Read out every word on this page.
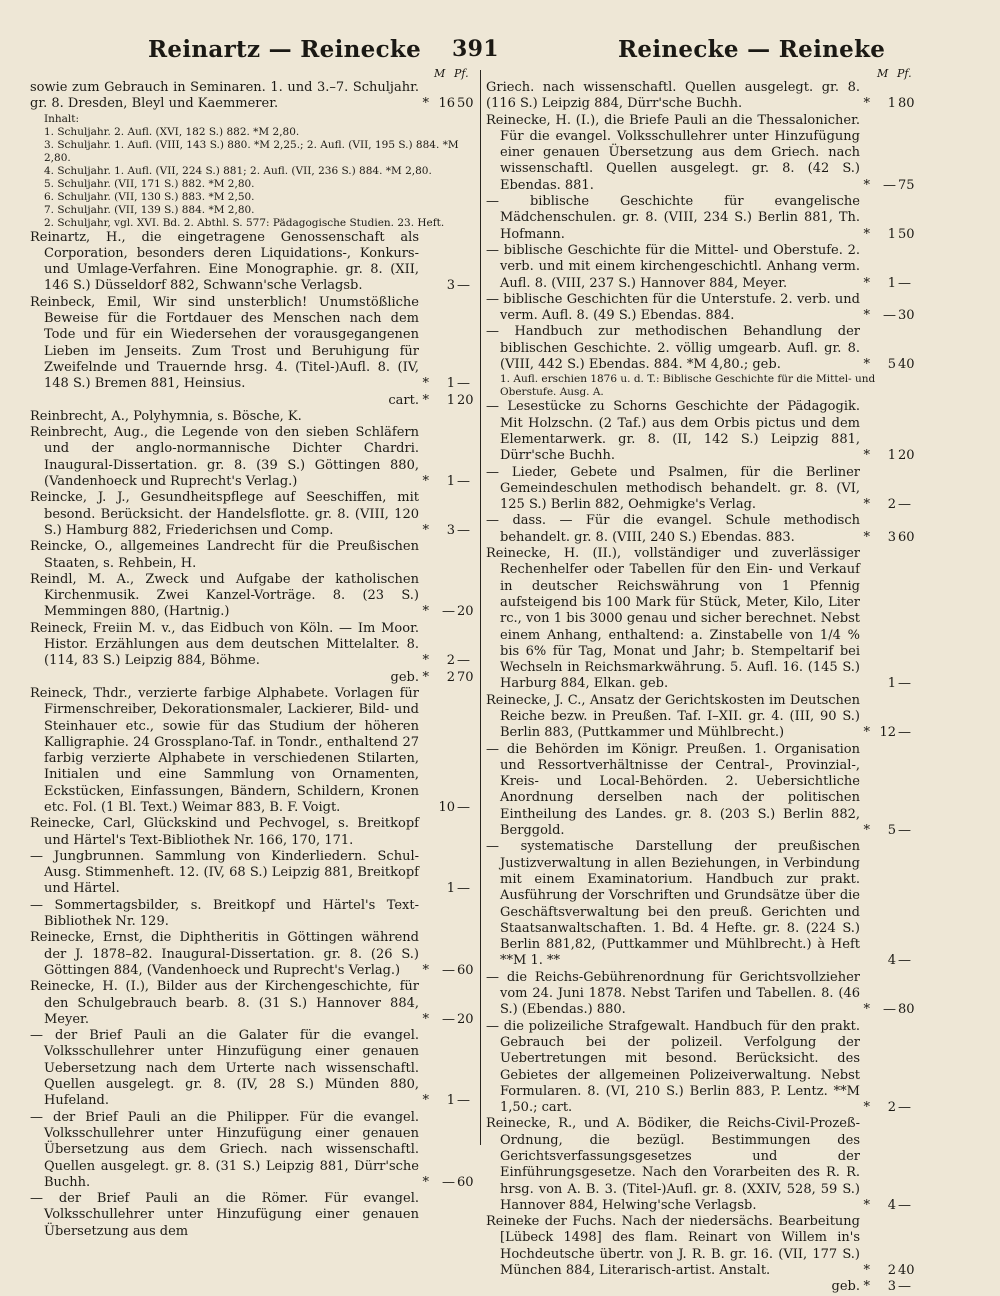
Reinartz — Reinecke 391	Reinecke — Reineke
M Pf.

sowie zum Gebrauch in Seminaren. 1. und 3.–7. Schuljahr. gr. 8. Dresden, Bleyl und Kaemmerer.	* 16 50

Inhalt:

1. Schuljahr. 2. Aufl. (XVI, 182 S.) 882. *M 2,80.

3. Schuljahr. 1. Aufl. (VIII, 143 S.) 880. *M 2,25.; 2. Aufl. (VII, 195 S.) 884. *M 2,80.

4. Schuljahr. 1. Aufl. (VII, 224 S.) 881; 2. Aufl. (VII, 236 S.) 884. *M 2,80.

5. Schuljahr. (VII, 171 S.) 882. *M 2,80.

6. Schuljahr. (VII, 130 S.) 883. *M 2,50.

7. Schuljahr. (VII, 139 S.) 884. *M 2,80.

2. Schuljahr, vgl. XVI. Bd. 2. Abthl. S. 577: Pädagogische Studien. 23. Heft.

Reinartz, H., die eingetragene Genossenschaft als Corporation, besonders deren Liquidations-, Konkurs- und Umlage-Verfahren. Eine Monographie. gr. 8. (XII, 146 S.) Düsseldorf 882, Schwann'sche Verlagsb.	3 —

Reinbeck, Emil, Wir sind unsterblich! Unumstößliche Beweise für die Fortdauer des Menschen nach dem Tode und für ein Wiedersehen der vorausgegangenen Lieben im Jenseits. Zum Trost und Beruhigung für Zweifelnde und Trauernde hrsg. 4. (Titel-)Aufl. 8. (IV, 148 S.) Bremen 881, Heinsius.	* 1 —

cart. * 1 20

Reinbrecht, A., Polyhymnia, s. Bösche, K.

Reinbrecht, Aug., die Legende von den sieben Schläfern und der anglo-normannische Dichter Chardri. Inaugural-Dissertation. gr. 8. (39 S.) Göttingen 880, (Vandenhoeck und Ruprecht's Verlag.)	* 1 —

Reincke, J. J., Gesundheitspflege auf Seeschiffen, mit besond. Berücksicht. der Handelsflotte. gr. 8. (VIII, 120 S.) Hamburg 882, Friederichsen und Comp.	* 3 —

Reincke, O., allgemeines Landrecht für die Preußischen Staaten, s. Rehbein, H.

Reindl, M. A., Zweck und Aufgabe der katholischen Kirchenmusik. Zwei Kanzel-Vorträge. 8. (23 S.) Memmingen 880, (Hartnig.)	* — 20

Reineck, Freiin M. v., das Eidbuch von Köln. — Im Moor. Histor. Erzählungen aus dem deutschen Mittelalter. 8. (114, 83 S.) Leipzig 884, Böhme.	* 2 —

geb. * 2 70

Reineck, Thdr., verzierte farbige Alphabete. Vorlagen für Firmenschreiber, Dekorationsmaler, Lackierer, Bild- und Steinhauer etc., sowie für das Studium der höheren Kalligraphie. 24 Grossplano-Taf. in Tondr., enthaltend 27 farbig verzierte Alphabete in verschiedenen Stilarten, Initialen und eine Sammlung von Ornamenten, Eckstücken, Einfassungen, Bändern, Schildern, Kronen etc. Fol. (1 Bl. Text.) Weimar 883, B. F. Voigt.	10 —

Reinecke, Carl, Glückskind und Pechvogel, s. Breitkopf und Härtel's Text-Bibliothek Nr. 166, 170, 171.

— Jungbrunnen. Sammlung von Kinderliedern. Schul-Ausg. Stimmenheft. 12. (IV, 68 S.) Leipzig 881, Breitkopf und Härtel.	1 —

— Sommertagsbilder, s. Breitkopf und Härtel's Text-Bibliothek Nr. 129.

Reinecke, Ernst, die Diphtheritis in Göttingen während der J. 1878–82. Inaugural-Dissertation. gr. 8. (26 S.) Göttingen 884, (Vandenhoeck und Ruprecht's Verlag.)	* — 60

Reinecke, H. (I.), Bilder aus der Kirchengeschichte, für den Schulgebrauch bearb. 8. (31 S.) Hannover 884, Meyer.	* — 20

— der Brief Pauli an die Galater für die evangel. Volksschullehrer unter Hinzufügung einer genauen Uebersetzung nach dem Urterte nach wissenschaftl. Quellen ausgelegt. gr. 8. (IV, 28 S.) Münden 880, Hufeland.	* 1 —

— der Brief Pauli an die Philipper. Für die evangel. Volksschullehrer unter Hinzufügung einer genauen Übersetzung aus dem Griech. nach wissenschaftl. Quellen ausgelegt. gr. 8. (31 S.) Leipzig 881, Dürr'sche Buchh.	* — 60

— der Brief Pauli an die Römer. Für evangel. Volksschullehrer unter Hinzufügung einer genauen Übersetzung aus dem

M Pf.

Griech. nach wissenschaftl. Quellen ausgelegt. gr. 8. (116 S.) Leipzig 884, Dürr'sche Buchh.	* 1 80

Reinecke, H. (I.), die Briefe Pauli an die Thessalonicher. Für die evangel. Volksschullehrer unter Hinzufügung einer genauen Übersetzung aus dem Griech. nach wissenschaftl. Quellen ausgelegt. gr. 8. (42 S.) Ebendas. 881.	* — 75

— biblische Geschichte für evangelische Mädchenschulen. gr. 8. (VIII, 234 S.) Berlin 881, Th. Hofmann.	* 1 50

— biblische Geschichte für die Mittel- und Oberstufe. 2. verb. und mit einem kirchengeschichtl. Anhang verm. Aufl. 8. (VIII, 237 S.) Hannover 884, Meyer.	* 1 —

— biblische Geschichten für die Unterstufe. 2. verb. und verm. Aufl. 8. (49 S.) Ebendas. 884.	* — 30

— Handbuch zur methodischen Behandlung der biblischen Geschichte. 2. völlig umgearb. Aufl. gr. 8. (VIII, 442 S.) Ebendas. 884. *M 4,80.; geb.	* 5 40

1. Aufl. erschien 1876 u. d. T.: Biblische Geschichte für die Mittel- und Oberstufe. Ausg. A.

— Lesestücke zu Schorns Geschichte der Pädagogik. Mit Holzschn. (2 Taf.) aus dem Orbis pictus und dem Elementarwerk. gr. 8. (II, 142 S.) Leipzig 881, Dürr'sche Buchh.	* 1 20

— Lieder, Gebete und Psalmen, für die Berliner Gemeindeschulen methodisch behandelt. gr. 8. (VI, 125 S.) Berlin 882, Oehmigke's Verlag.	* 2 —

— dass. — Für die evangel. Schule methodisch behandelt. gr. 8. (VIII, 240 S.) Ebendas. 883.	* 3 60

Reinecke, H. (II.), vollständiger und zuverlässiger Rechenhelfer oder Tabellen für den Ein- und Verkauf in deutscher Reichswährung von 1 Pfennig aufsteigend bis 100 Mark für Stück, Meter, Kilo, Liter rc., von 1 bis 3000 genau und sicher berechnet. Nebst einem Anhang, enthaltend: a. Zinstabelle von 1/4 % bis 6% für Tag, Monat und Jahr; b. Stempeltarif bei Wechseln in Reichsmarkwährung. 5. Aufl. 16. (145 S.) Harburg 884, Elkan. geb.	1 —

Reinecke, J. C., Ansatz der Gerichtskosten im Deutschen Reiche bezw. in Preußen. Taf. I–XII. gr. 4. (III, 90 S.) Berlin 883, (Puttkammer und Mühlbrecht.)	* 12 —

— die Behörden im Königr. Preußen. 1. Organisation und Ressortverhältnisse der Central-, Provinzial-, Kreis- und Local-Behörden. 2. Uebersichtliche Anordnung derselben nach der politischen Eintheilung des Landes. gr. 8. (203 S.) Berlin 882, Berggold.	* 5 —

— systematische Darstellung der preußischen Justizverwaltung in allen Beziehungen, in Verbindung mit einem Examinatorium. Handbuch zur prakt. Ausführung der Vorschriften und Grundsätze über die Geschäftsverwaltung bei den preuß. Gerichten und Staatsanwaltschaften. 1. Bd. 4 Hefte. gr. 8. (224 S.) Berlin 881,82, (Puttkammer und Mühlbrecht.) à Heft **M 1. **	4 —

— die Reichs-Gebührenordnung für Gerichtsvollzieher vom 24. Juni 1878. Nebst Tarifen und Tabellen. 8. (46 S.) (Ebendas.) 880.	* — 80

— die polizeiliche Strafgewalt. Handbuch für den prakt. Gebrauch bei der polizeil. Verfolgung der Uebertretungen mit besond. Berücksicht. des Gebietes der allgemeinen Polizeiverwaltung. Nebst Formularen. 8. (VI, 210 S.) Berlin 883, P. Lentz. **M 1,50.; cart.	* 2 —

Reinecke, R., und A. Bödiker, die Reichs-Civil-Prozeß-Ordnung, die bezügl. Bestimmungen des Gerichtsverfassungsgesetzes und der Einführungsgesetze. Nach den Vorarbeiten des R. R. hrsg. von A. B. 3. (Titel-)Aufl. gr. 8. (XXIV, 528, 59 S.) Hannover 884, Helwing'sche Verlagsb.	* 4 —

Reineke der Fuchs. Nach der niedersächs. Bearbeitung [Lübeck 1498] des flam. Reinart von Willem in's Hochdeutsche übertr. von J. R. B. gr. 16. (VII, 177 S.) München 884, Literarisch-artist. Anstalt.	* 2 40

geb. * 3 —
